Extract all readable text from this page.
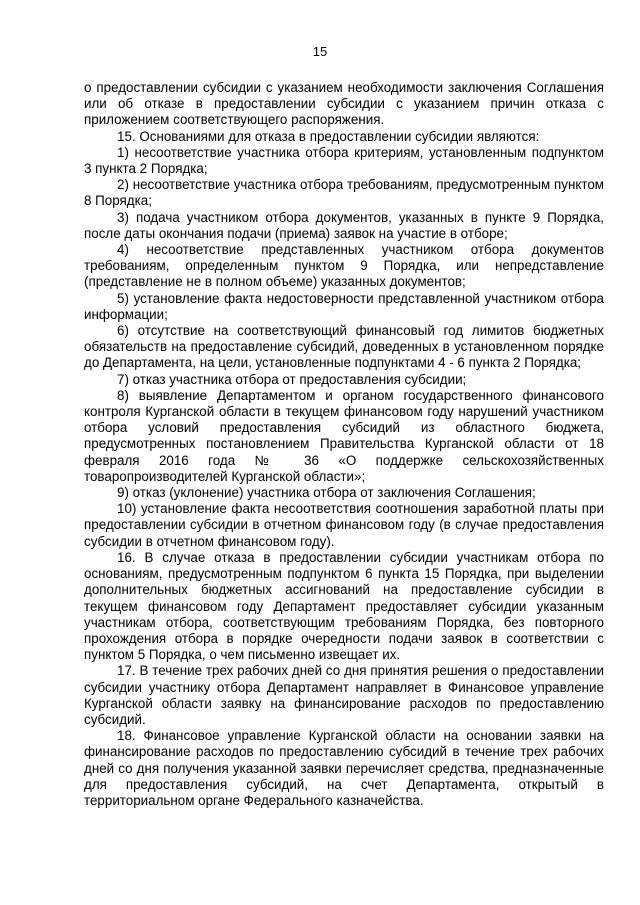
15

о предоставлении субсидии с указанием необходимости заключения Соглашения или об отказе в предоставлении субсидии с указанием причин отказа с приложением соответствующего распоряжения.

15. Основаниями для отказа в предоставлении субсидии являются:

1) несоответствие участника отбора критериям, установленным подпунктом 3 пункта 2 Порядка;

2) несоответствие участника отбора требованиям, предусмотренным пунктом 8 Порядка;

3) подача участником отбора документов, указанных в пункте 9 Порядка, после даты окончания подачи (приема) заявок на участие в отборе;

4) несоответствие представленных участником отбора документов требованиям, определенным пунктом 9 Порядка, или непредставление (представление не в полном объеме) указанных документов;

5) установление факта недостоверности представленной участником отбора информации;

6) отсутствие на соответствующий финансовый год лимитов бюджетных обязательств на предоставление субсидий, доведенных в установленном порядке до Департамента, на цели, установленные подпунктами 4 - 6 пункта 2 Порядка;

7) отказ участника отбора от предоставления субсидии;

8) выявление Департаментом и органом государственного финансового контроля Курганской области в текущем финансовом году нарушений участником отбора условий предоставления субсидий из областного бюджета, предусмотренных постановлением Правительства Курганской области от 18 февраля 2016 года № 36 «О поддержке сельскохозяйственных товаропроизводителей Курганской области»;

9) отказ (уклонение) участника отбора от заключения Соглашения;

10) установление факта несоответствия соотношения заработной платы при предоставлении субсидии в отчетном финансовом году (в случае предоставления субсидии в отчетном финансовом году).

16. В случае отказа в предоставлении субсидии участникам отбора по основаниям, предусмотренным подпунктом 6 пункта 15 Порядка, при выделении дополнительных бюджетных ассигнований на предоставление субсидии в текущем финансовом году Департамент предоставляет субсидии указанным участникам отбора, соответствующим требованиям Порядка, без повторного прохождения отбора в порядке очередности подачи заявок в соответствии с пунктом 5 Порядка, о чем письменно извещает их.

17. В течение трех рабочих дней со дня принятия решения о предоставлении субсидии участнику отбора Департамент направляет в Финансовое управление Курганской области заявку на финансирование расходов по предоставлению субсидий.

18. Финансовое управление Курганской области на основании заявки на финансирование расходов по предоставлению субсидий в течение трех рабочих дней со дня получения указанной заявки перечисляет средства, предназначенные для предоставления субсидий, на счет Департамента, открытый в территориальном органе Федерального казначейства.
